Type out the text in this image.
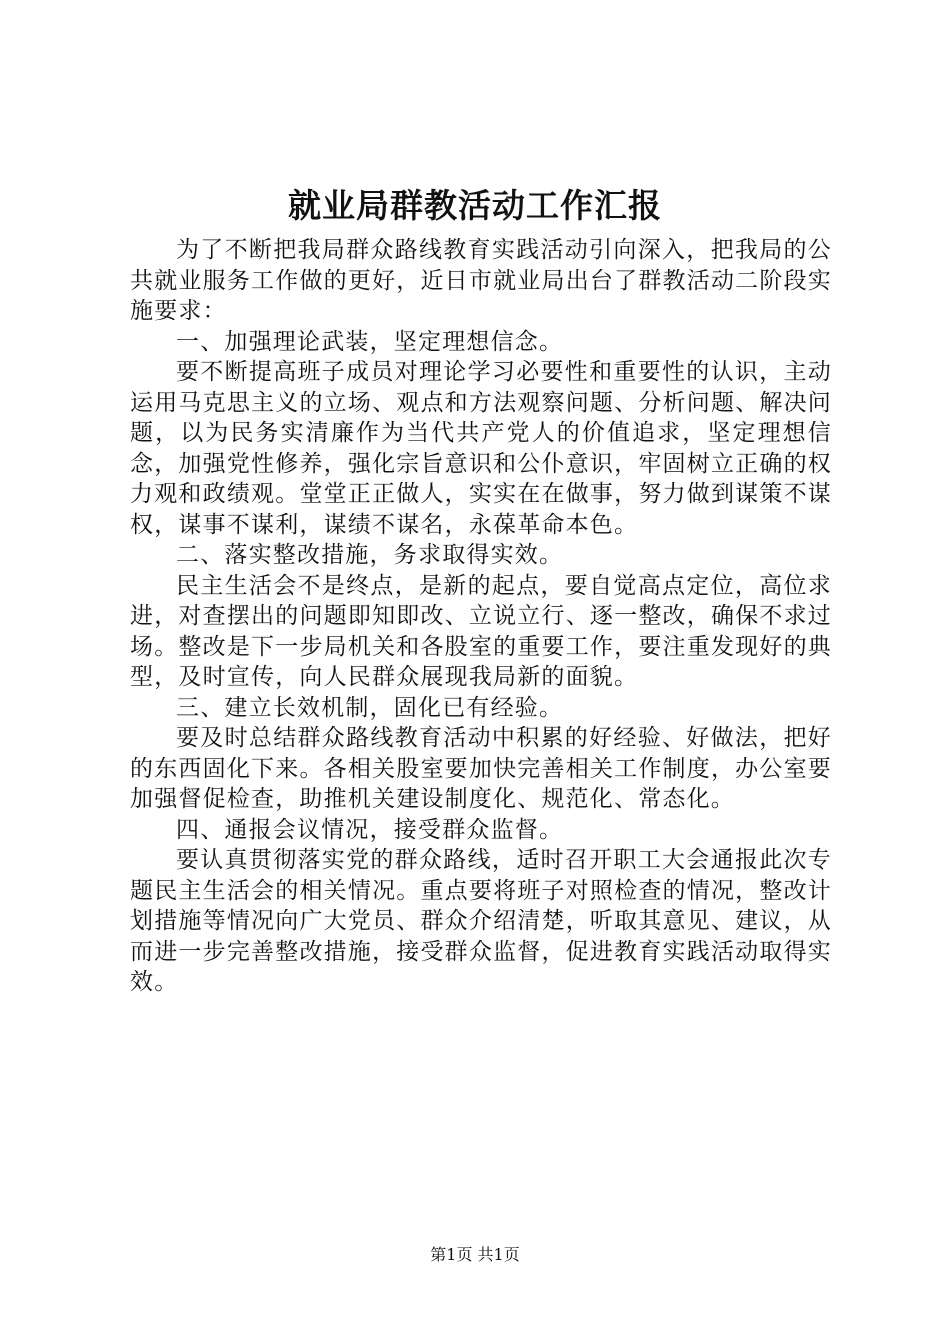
就业局群教活动工作汇报

为了不断把我局群众路线教育实践活动引向深入，把我局的公共就业服务工作做的更好，近日市就业局出台了群教活动二阶段实施要求：

一、加强理论武装，坚定理想信念。

要不断提高班子成员对理论学习必要性和重要性的认识，主动运用马克思主义的立场、观点和方法观察问题、分析问题、解决问题，以为民务实清廉作为当代共产党人的价值追求，坚定理想信念，加强党性修养，强化宗旨意识和公仆意识，牢固树立正确的权力观和政绩观。堂堂正正做人，实实在在做事，努力做到谋策不谋权，谋事不谋利，谋绩不谋名，永葆革命本色。

二、落实整改措施，务求取得实效。

民主生活会不是终点，是新的起点，要自觉高点定位，高位求进，对查摆出的问题即知即改、立说立行、逐一整改，确保不求过场。整改是下一步局机关和各股室的重要工作，要注重发现好的典型，及时宣传，向人民群众展现我局新的面貌。

三、建立长效机制，固化已有经验。

要及时总结群众路线教育活动中积累的好经验、好做法，把好的东西固化下来。各相关股室要加快完善相关工作制度，办公室要加强督促检查，助推机关建设制度化、规范化、常态化。

四、通报会议情况，接受群众监督。

要认真贯彻落实党的群众路线，适时召开职工大会通报此次专题民主生活会的相关情况。重点要将班子对照检查的情况，整改计划措施等情况向广大党员、群众介绍清楚，听取其意见、建议，从而进一步完善整改措施，接受群众监督，促进教育实践活动取得实效。

第1页 共1页
